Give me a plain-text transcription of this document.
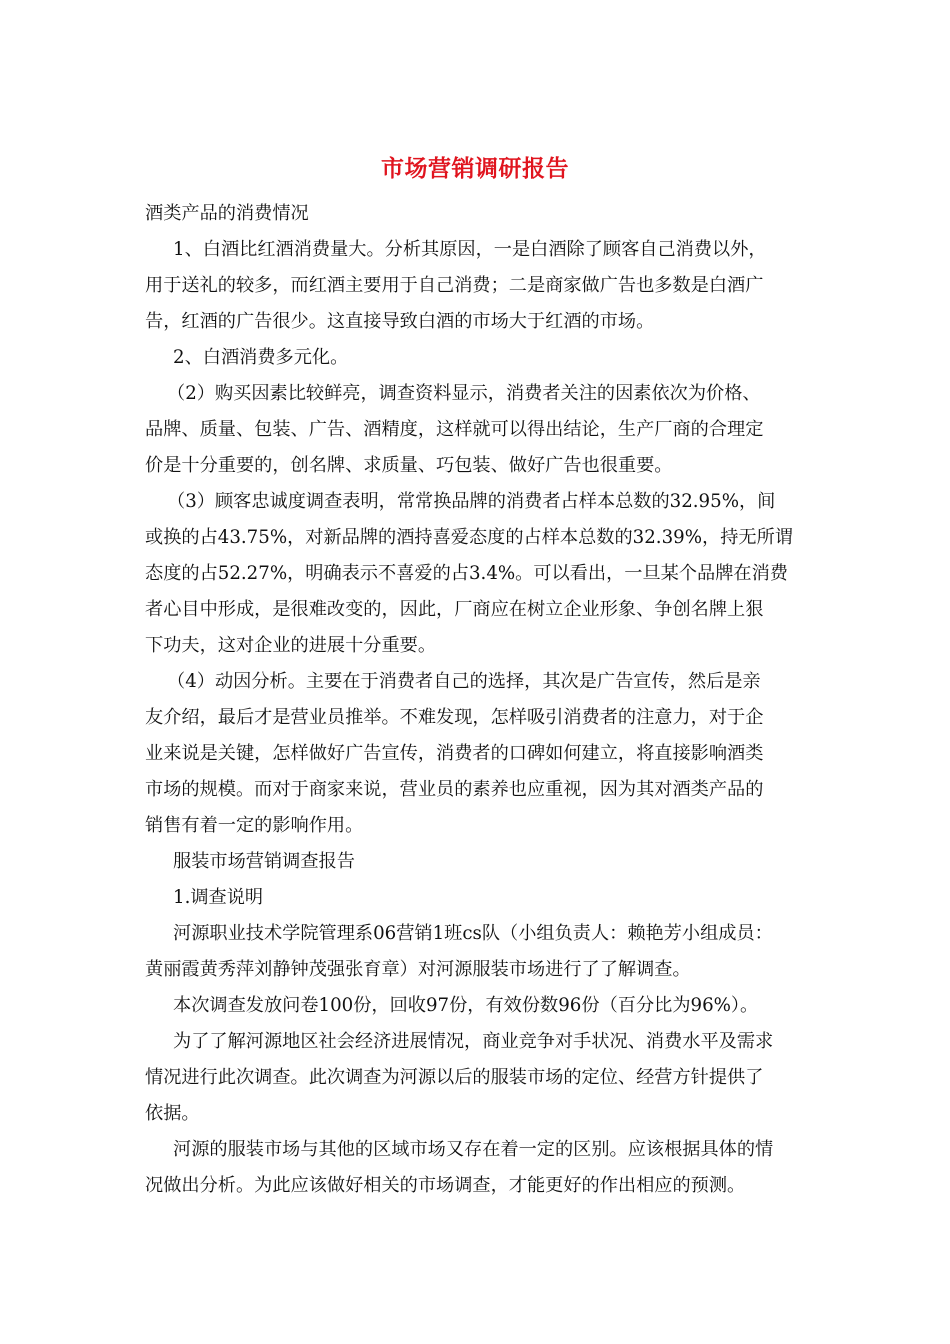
市场营销调研报告

酒类产品的消费情况

1、白酒比红酒消费量大。分析其原因，一是白酒除了顾客自己消费以外，

用于送礼的较多，而红酒主要用于自己消费；二是商家做广告也多数是白酒广

告，红酒的广告很少。这直接导致白酒的市场大于红酒的市场。

2、白酒消费多元化。

（2）购买因素比较鲜亮，调查资料显示，消费者关注的因素依次为价格、

品牌、质量、包装、广告、酒精度，这样就可以得出结论，生产厂商的合理定

价是十分重要的，创名牌、求质量、巧包装、做好广告也很重要。

（3）顾客忠诚度调查表明，常常换品牌的消费者占样本总数的32.95%，间

或换的占43.75%，对新品牌的酒持喜爱态度的占样本总数的32.39%，持无所谓

态度的占52.27%，明确表示不喜爱的占3.4%。可以看出，一旦某个品牌在消费

者心目中形成，是很难改变的，因此，厂商应在树立企业形象、争创名牌上狠

下功夫，这对企业的进展十分重要。

（4）动因分析。主要在于消费者自己的选择，其次是广告宣传，然后是亲

友介绍，最后才是营业员推举。不难发现，怎样吸引消费者的注意力，对于企

业来说是关键，怎样做好广告宣传，消费者的口碑如何建立，将直接影响酒类

市场的规模。而对于商家来说，营业员的素养也应重视，因为其对酒类产品的

销售有着一定的影响作用。

服装市场营销调查报告

1.调查说明

河源职业技术学院管理系06营销1班cs队（小组负责人：赖艳芳小组成员：

黄丽霞黄秀萍刘静钟茂强张育章）对河源服装市场进行了了解调查。

本次调查发放问卷100份，回收97份，有效份数96份（百分比为96%）。

为了了解河源地区社会经济进展情况，商业竞争对手状况、消费水平及需求

情况进行此次调查。此次调查为河源以后的服装市场的定位、经营方针提供了

依据。

河源的服装市场与其他的区域市场又存在着一定的区别。应该根据具体的情

况做出分析。为此应该做好相关的市场调查，才能更好的作出相应的预测。
